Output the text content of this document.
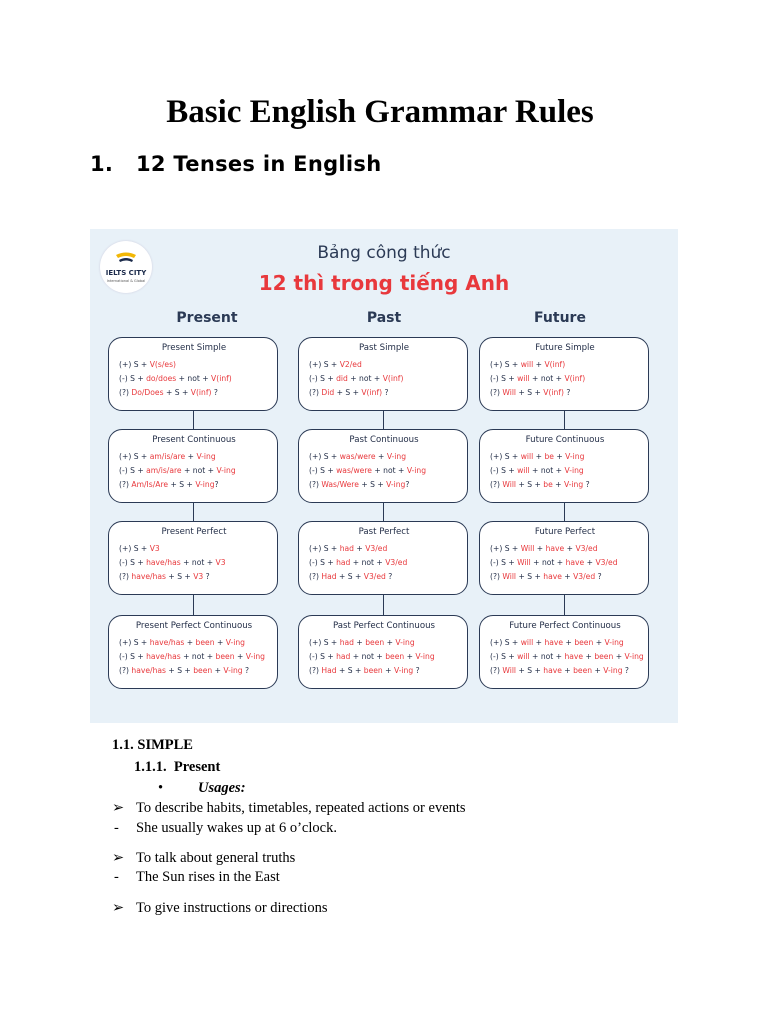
Basic English Grammar Rules
1. 12 Tenses in English
IELTS CITY
International & Global
Bảng công thức
12 thì trong tiếng Anh
Present
Present Simple
(+) S + V(s/es)
(-) S + do/does + not + V(inf)
(?) Do/Does + S + V(inf) ?
Present Continuous
(+) S + am/is/are + V-ing
(-) S + am/is/are + not + V-ing
(?) Am/Is/Are + S + V-ing?
Present Perfect
(+) S + V3
(-) S + have/has + not + V3
(?) have/has + S + V3 ?
Present Perfect Continuous
(+) S + have/has + been + V-ing
(-) S + have/has + not + been + V-ing
(?) have/has + S + been + V-ing ?
Past
Past Simple
(+) S + V2/ed
(-) S + did + not + V(inf)
(?) Did + S + V(inf) ?
Past Continuous
(+) S + was/were + V-ing
(-) S + was/were + not + V-ing
(?) Was/Were + S + V-ing?
Past Perfect
(+) S + had + V3/ed
(-) S + had + not + V3/ed
(?) Had + S + V3/ed ?
Past Perfect Continuous
(+) S + had + been + V-ing
(-) S + had + not + been + V-ing
(?) Had + S + been + V-ing ?
Future
Future Simple
(+) S + will + V(inf)
(-) S + will + not + V(inf)
(?) Will + S + V(inf) ?
Future Continuous
(+) S + will + be + V-ing
(-) S + will + not + V-ing
(?) Will + S + be + V-ing ?
Future Perfect
(+) S + Will + have + V3/ed
(-) S + Will + not + have + V3/ed
(?) Will + S + have + V3/ed ?
Future Perfect Continuous
(+) S + will + have + been + V-ing
(-) S + will + not + have + been + V-ing
(?) Will + S + have + been + V-ing ?
1.1. SIMPLE
1.1.1. Present
• Usages:
➢ To describe habits, timetables, repeated actions or events
- She usually wakes up at 6 o’clock.
➢ To talk about general truths
- The Sun rises in the East
➢ To give instructions or directions
